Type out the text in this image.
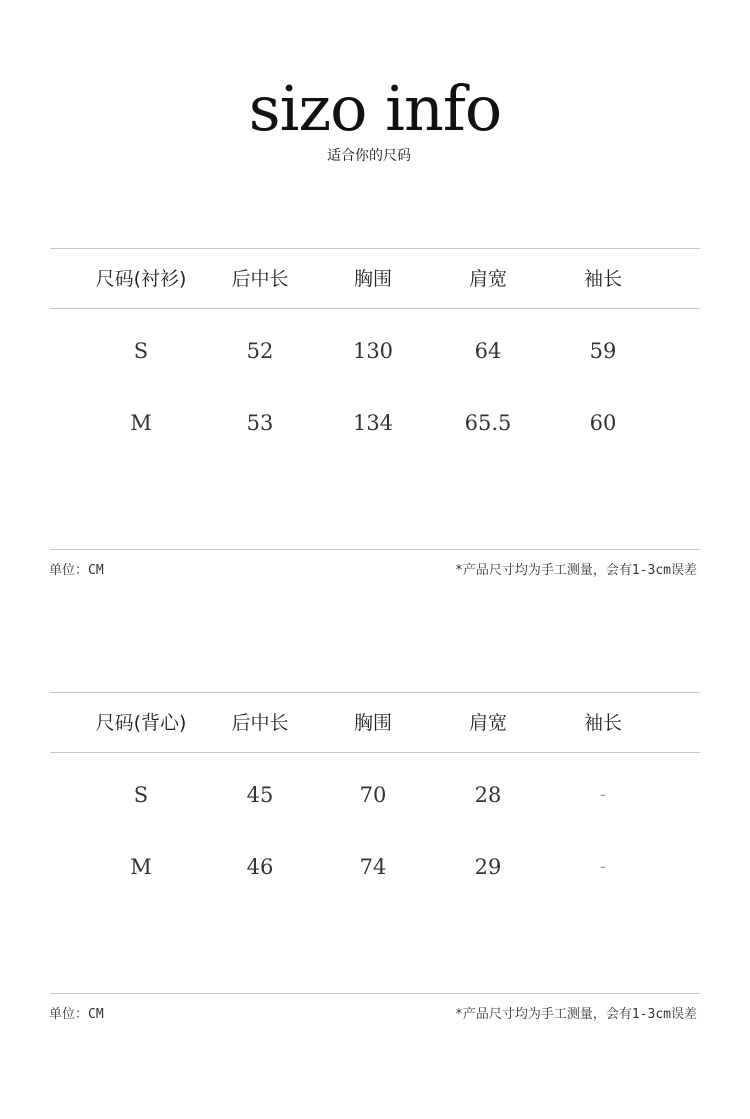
sizo info
适合你的尺码
尺码(衬衫)	后中长	胸围	肩宽	袖长
S	52	130	64	59
M	53	134	65.5	60
单位：CM	*产品尺寸均为手工测量，会有1-3cm误差
尺码(背心)	后中长	胸围	肩宽	袖长
S	45	70	28	-
M	46	74	29	-
单位：CM	*产品尺寸均为手工测量，会有1-3cm误差
